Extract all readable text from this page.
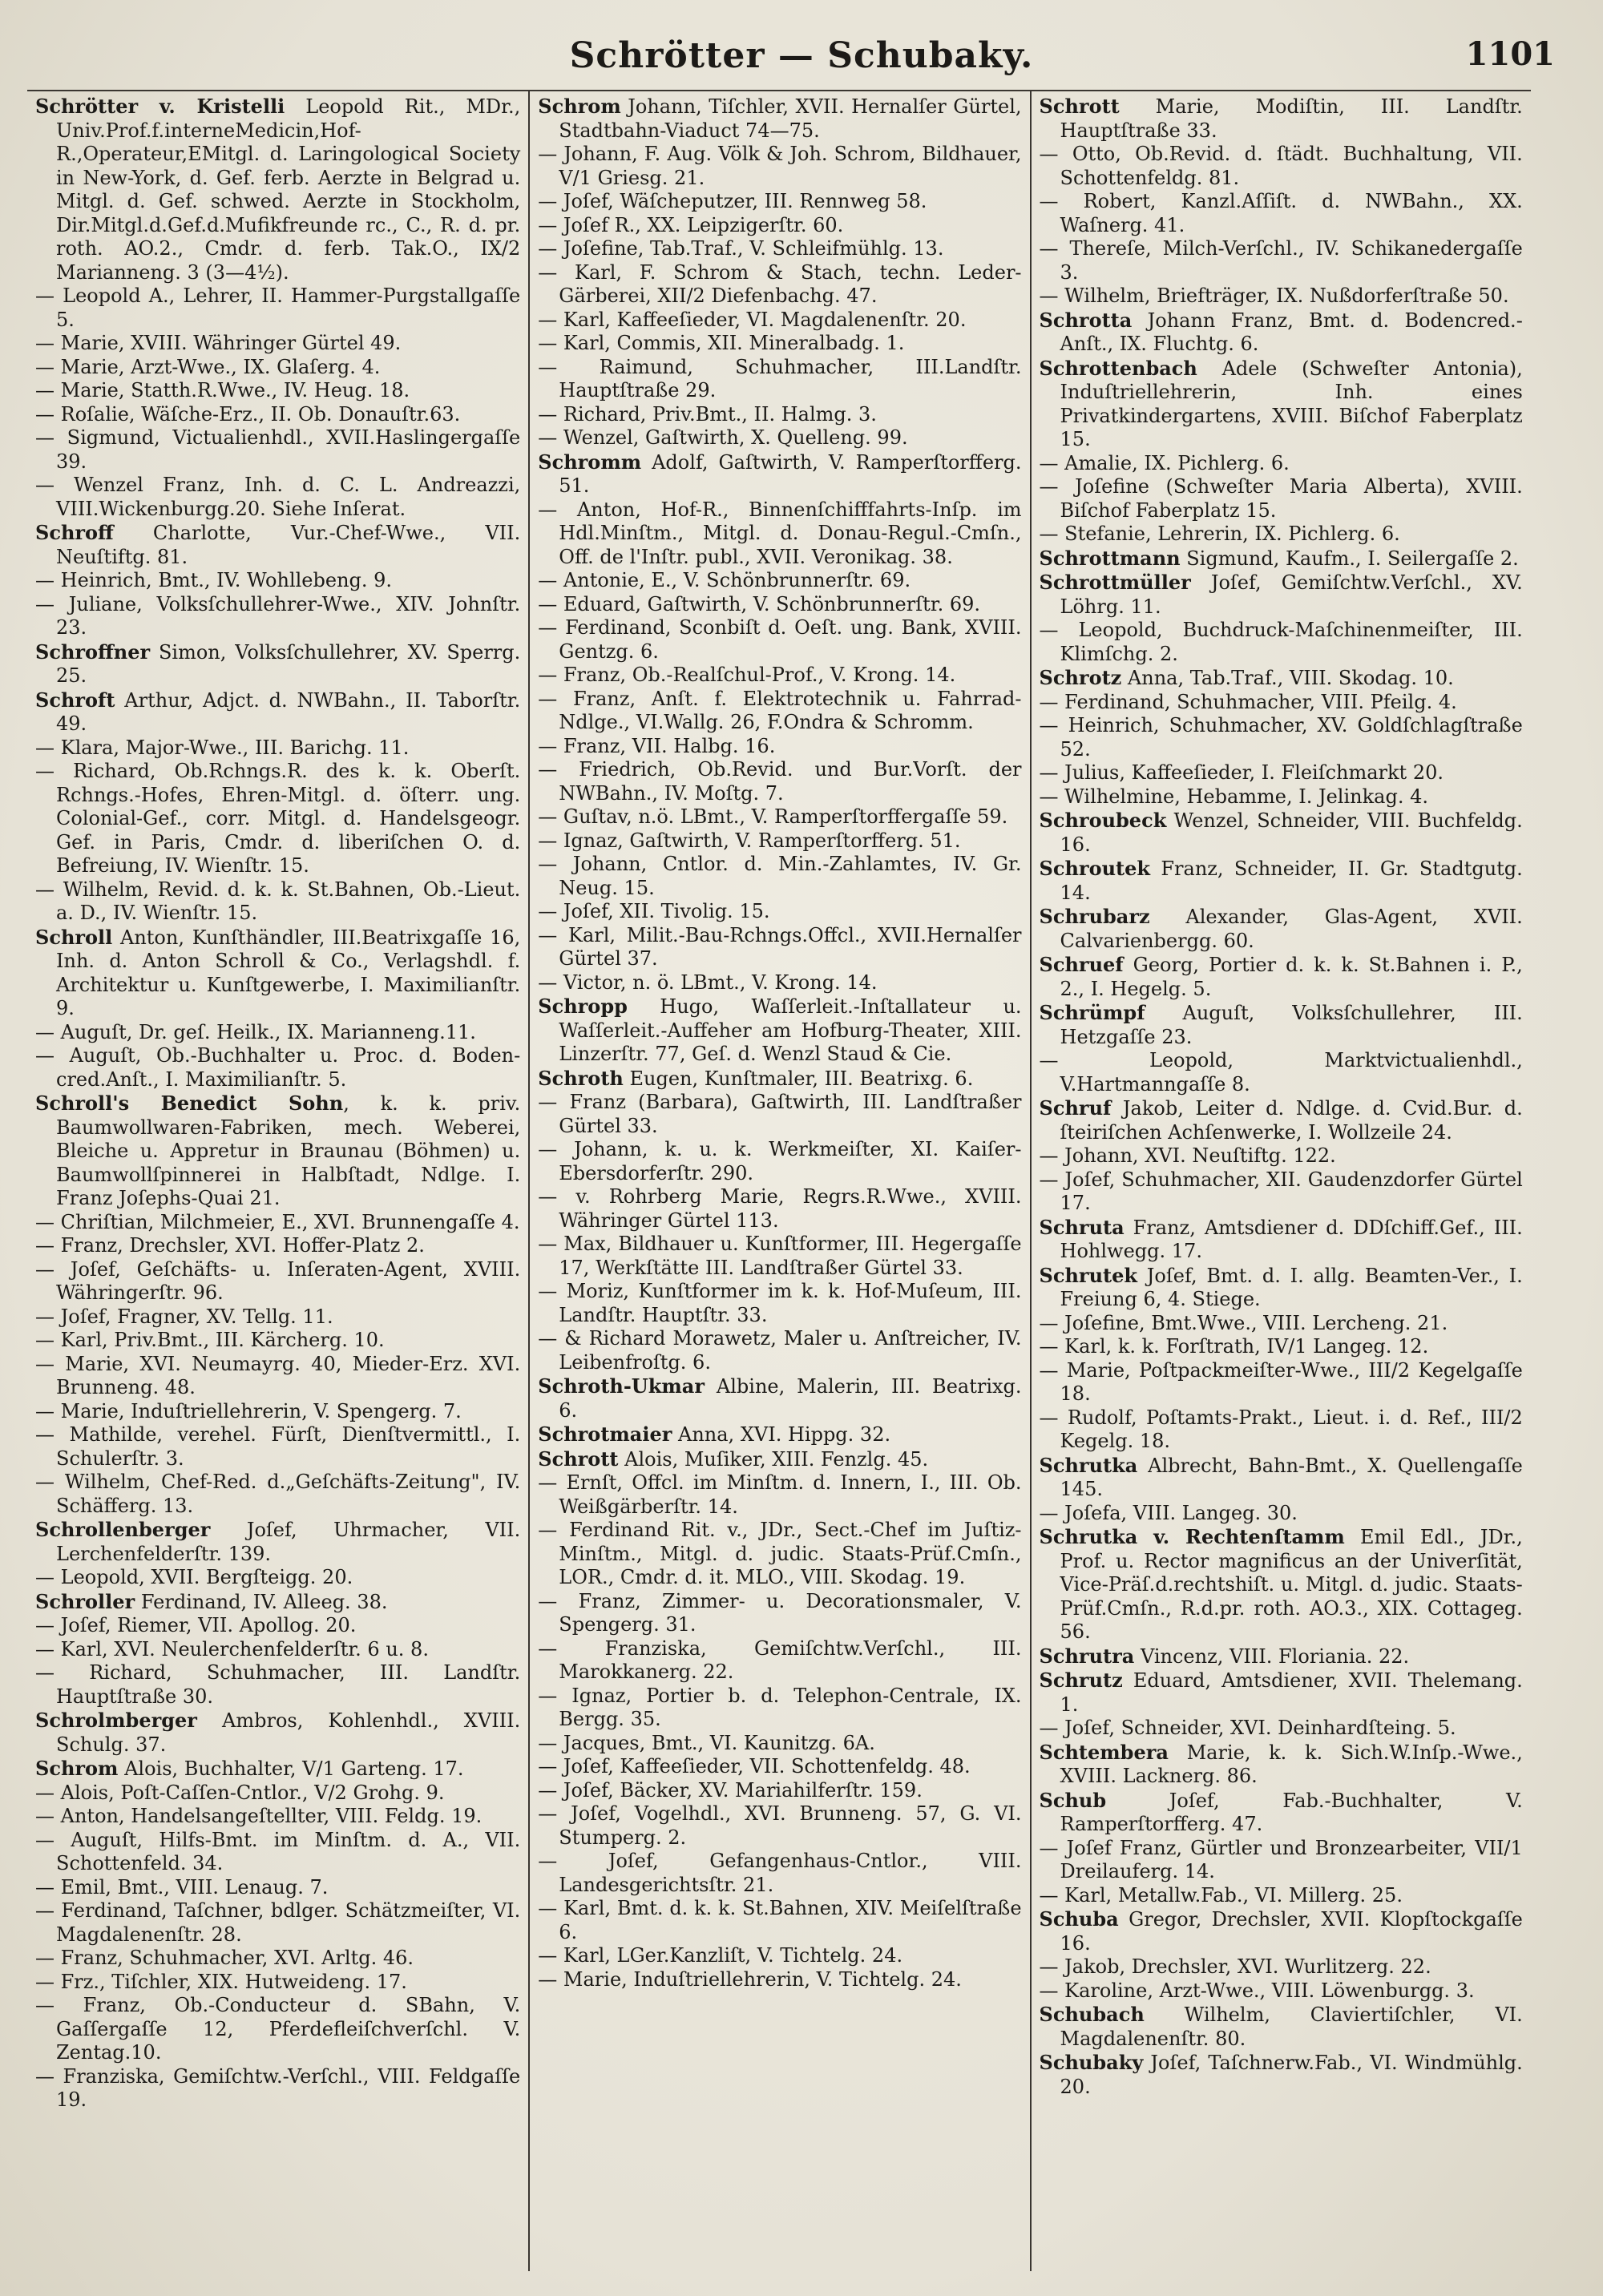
Schrötter — Schubaky.	1101

Schrötter v. Kristelli Leopold Rit., MDr., Univ.Prof.f.interneMedicin,Hof-R.,Operateur,EMitgl. d. Laringological Society in New-York, d. Gef. ferb. Aerzte in Belgrad u. Mitgl. d. Gef. schwed. Aerzte in Stockholm, Dir.Mitgl.d.Gef.d.Mufikfreunde rc., C., R. d. pr. roth. AO.2., Cmdr. d. ferb. Tak.O., IX/2 Marianneng. 3 (3—4½).

— Leopold A., Lehrer, II. Hammer-Purgstallgaſſe 5.

— Marie, XVIII. Währinger Gürtel 49.

— Marie, Arzt-Wwe., IX. Glaſerg. 4.

— Marie, Statth.R.Wwe., IV. Heug. 18.

— Roſalie, Wäſche-Erz., II. Ob. Donauſtr.63.

— Sigmund, Victualienhdl., XVII.Haslingergaſſe 39.

— Wenzel Franz, Inh. d. C. L. Andreazzi, VIII.Wickenburgg.20. Siehe Inſerat.

Schroff Charlotte, Vur.-Chef-Wwe., VII. Neuſtiftg. 81.

— Heinrich, Bmt., IV. Wohllebeng. 9.

— Juliane, Volksſchullehrer-Wwe., XIV. Johnſtr. 23.

Schroffner Simon, Volksſchullehrer, XV. Sperrg. 25.

Schroft Arthur, Adjct. d. NWBahn., II. Taborſtr. 49.

— Klara, Major-Wwe., III. Barichg. 11.

— Richard, Ob.Rchngs.R. des k. k. Oberſt. Rchngs.-Hofes, Ehren-Mitgl. d. öſterr. ung. Colonial-Gef., corr. Mitgl. d. Handelsgeogr. Gef. in Paris, Cmdr. d. liberiſchen O. d. Befreiung, IV. Wienſtr. 15.

— Wilhelm, Revid. d. k. k. St.Bahnen, Ob.-Lieut. a. D., IV. Wienſtr. 15.

Schroll Anton, Kunſthändler, III.Beatrixgaſſe 16, Inh. d. Anton Schroll & Co., Verlagshdl. f. Architektur u. Kunſtgewerbe, I. Maximilianſtr. 9.

— Auguſt, Dr. geſ. Heilk., IX. Marianneng.11.

— Auguſt, Ob.-Buchhalter u. Proc. d. Boden-cred.Anſt., I. Maximilianſtr. 5.

Schroll's Benedict Sohn, k. k. priv. Baumwollwaren-Fabriken, mech. Weberei, Bleiche u. Appretur in Braunau (Böhmen) u. Baumwollſpinnerei in Halbſtadt, Ndlge. I. Franz Joſephs-Quai 21.

— Chriſtian, Milchmeier, E., XVI. Brunnengaſſe 4.

— Franz, Drechsler, XVI. Hoffer-Platz 2.

— Joſef, Geſchäfts- u. Inſeraten-Agent, XVIII. Währingerſtr. 96.

— Joſef, Fragner, XV. Tellg. 11.

— Karl, Priv.Bmt., III. Kärcherg. 10.

— Marie, XVI. Neumayrg. 40, Mieder-Erz. XVI. Brunneng. 48.

— Marie, Induſtriellehrerin, V. Spengerg. 7.

— Mathilde, verehel. Fürſt, Dienſtvermittl., I. Schulerſtr. 3.

— Wilhelm, Chef-Red. d.„Geſchäfts-Zeitung", IV. Schäfferg. 13.

Schrollenberger Joſef, Uhrmacher, VII. Lerchenfelderſtr. 139.

— Leopold, XVII. Bergſteigg. 20.

Schroller Ferdinand, IV. Alleeg. 38.

— Joſef, Riemer, VII. Apollog. 20.

— Karl, XVI. Neulerchenfelderſtr. 6 u. 8.

— Richard, Schuhmacher, III. Landſtr. Hauptſtraße 30.

Schrolmberger Ambros, Kohlenhdl., XVIII. Schulg. 37.

Schrom Alois, Buchhalter, V/1 Garteng. 17.

— Alois, Poſt-Caſſen-Cntlor., V/2 Grohg. 9.

— Anton, Handelsangeſtellter, VIII. Feldg. 19.

— Auguſt, Hilfs-Bmt. im Minſtm. d. A., VII. Schottenfeld. 34.

— Emil, Bmt., VIII. Lenaug. 7.

— Ferdinand, Taſchner, bdlger. Schätzmeiſter, VI. Magdalenenſtr. 28.

— Franz, Schuhmacher, XVI. Arltg. 46.

— Frz., Tiſchler, XIX. Hutweideng. 17.

— Franz, Ob.-Conducteur d. SBahn, V. Gaſſergaſſe 12, Pferdefleiſchverſchl. V. Zentag.10.

— Franziska, Gemiſchtw.-Verſchl., VIII. Feldgaſſe 19.

Schrom Johann, Tiſchler, XVII. Hernalſer Gürtel, Stadtbahn-Viaduct 74—75.

— Johann, F. Aug. Völk & Joh. Schrom, Bildhauer, V/1 Griesg. 21.

— Joſef, Wäſcheputzer, III. Rennweg 58.

— Joſef R., XX. Leipzigerſtr. 60.

— Joſefine, Tab.Traf., V. Schleifmühlg. 13.

— Karl, F. Schrom & Stach, techn. Leder-Gärberei, XII/2 Diefenbachg. 47.

— Karl, Kaffeeſieder, VI. Magdalenenſtr. 20.

— Karl, Commis, XII. Mineralbadg. 1.

— Raimund, Schuhmacher, III.Landſtr. Hauptſtraße 29.

— Richard, Priv.Bmt., II. Halmg. 3.

— Wenzel, Gaſtwirth, X. Quelleng. 99.

Schromm Adolf, Gaſtwirth, V. Ramperſtorfferg. 51.

— Anton, Hof-R., Binnenſchifffahrts-Inſp. im Hdl.Minſtm., Mitgl. d. Donau-Regul.-Cmſn., Off. de l'Inſtr. publ., XVII. Veronikag. 38.

— Antonie, E., V. Schönbrunnerſtr. 69.

— Eduard, Gaſtwirth, V. Schönbrunnerſtr. 69.

— Ferdinand, Sconbiſt d. Oeſt. ung. Bank, XVIII. Gentzg. 6.

— Franz, Ob.-Realſchul-Prof., V. Krong. 14.

— Franz, Anſt. f. Elektrotechnik u. Fahrrad-Ndlge., VI.Wallg. 26, F.Ondra & Schromm.

— Franz, VII. Halbg. 16.

— Friedrich, Ob.Revid. und Bur.Vorſt. der NWBahn., IV. Moſtg. 7.

— Guſtav, n.ö. LBmt., V. Ramperſtorffergaſſe 59.

— Ignaz, Gaſtwirth, V. Ramperſtorfferg. 51.

— Johann, Cntlor. d. Min.-Zahlamtes, IV. Gr. Neug. 15.

— Joſef, XII. Tivolig. 15.

— Karl, Milit.-Bau-Rchngs.Offcl., XVII.Hernalſer Gürtel 37.

— Victor, n. ö. LBmt., V. Krong. 14.

Schropp Hugo, Waſſerleit.-Inſtallateur u. Waſſerleit.-Auffeher am Hofburg-Theater, XIII. Linzerſtr. 77, Geſ. d. Wenzl Staud & Cie.

Schroth Eugen, Kunſtmaler, III. Beatrixg. 6.

— Franz (Barbara), Gaſtwirth, III. Landſtraßer Gürtel 33.

— Johann, k. u. k. Werkmeiſter, XI. Kaiſer-Ebersdorferſtr. 290.

— v. Rohrberg Marie, Regrs.R.Wwe., XVIII. Währinger Gürtel 113.

— Max, Bildhauer u. Kunſtformer, III. Hegergaſſe 17, Werkſtätte III. Landſtraßer Gürtel 33.

— Moriz, Kunſtformer im k. k. Hof-Muſeum, III. Landſtr. Hauptſtr. 33.

— & Richard Morawetz, Maler u. Anſtreicher, IV. Leibenfroſtg. 6.

Schroth-Ukmar Albine, Malerin, III. Beatrixg. 6.

Schrotmaier Anna, XVI. Hippg. 32.

Schrott Alois, Muſiker, XIII. Fenzlg. 45.

— Ernſt, Offcl. im Minſtm. d. Innern, I., III. Ob. Weißgärberſtr. 14.

— Ferdinand Rit. v., JDr., Sect.-Chef im Juſtiz-Minſtm., Mitgl. d. judic. Staats-Prüf.Cmſn., LOR., Cmdr. d. it. MLO., VIII. Skodag. 19.

— Franz, Zimmer- u. Decorationsmaler, V. Spengerg. 31.

— Franziska, Gemiſchtw.Verſchl., III. Marokkanerg. 22.

— Ignaz, Portier b. d. Telephon-Centrale, IX. Bergg. 35.

— Jacques, Bmt., VI. Kaunitzg. 6A.

— Joſef, Kaffeeſieder, VII. Schottenfeldg. 48.

— Joſef, Bäcker, XV. Mariahilferſtr. 159.

— Joſef, Vogelhdl., XVI. Brunneng. 57, G. VI. Stumperg. 2.

— Joſef, Gefangenhaus-Cntlor., VIII. Landesgerichtsſtr. 21.

— Karl, Bmt. d. k. k. St.Bahnen, XIV. Meiſelſtraße 6.

— Karl, LGer.Kanzliſt, V. Tichtelg. 24.

— Marie, Induſtriellehrerin, V. Tichtelg. 24.

Schrott Marie, Modiſtin, III. Landſtr. Hauptſtraße 33.

— Otto, Ob.Revid. d. ſtädt. Buchhaltung, VII. Schottenfeldg. 81.

— Robert, Kanzl.Aſſiſt. d. NWBahn., XX. Waſnerg. 41.

— Thereſe, Milch-Verſchl., IV. Schikanedergaſſe 3.

— Wilhelm, Briefträger, IX. Nußdorferſtraße 50.

Schrotta Johann Franz, Bmt. d. Bodencred.-Anſt., IX. Fluchtg. 6.

Schrottenbach Adele (Schweſter Antonia), Induſtriellehrerin, Inh. eines Privatkindergartens, XVIII. Biſchof Faberplatz 15.

— Amalie, IX. Pichlerg. 6.

— Joſefine (Schweſter Maria Alberta), XVIII. Biſchof Faberplatz 15.

— Stefanie, Lehrerin, IX. Pichlerg. 6.

Schrottmann Sigmund, Kaufm., I. Seilergaſſe 2.

Schrottmüller Joſef, Gemiſchtw.Verſchl., XV. Löhrg. 11.

— Leopold, Buchdruck-Maſchinenmeiſter, III. Klimſchg. 2.

Schrotz Anna, Tab.Traf., VIII. Skodag. 10.

— Ferdinand, Schuhmacher, VIII. Pfeilg. 4.

— Heinrich, Schuhmacher, XV. Goldſchlagſtraße 52.

— Julius, Kaffeeſieder, I. Fleiſchmarkt 20.

— Wilhelmine, Hebamme, I. Jelinkag. 4.

Schroubeck Wenzel, Schneider, VIII. Buchfeldg. 16.

Schroutek Franz, Schneider, II. Gr. Stadtgutg. 14.

Schrubarz Alexander, Glas-Agent, XVII. Calvarienbergg. 60.

Schruef Georg, Portier d. k. k. St.Bahnen i. P., 2., I. Hegelg. 5.

Schrümpf Auguſt, Volksſchullehrer, III. Hetzgaſſe 23.

— Leopold, Marktvictualienhdl., V.Hartmanngaſſe 8.

Schruf Jakob, Leiter d. Ndlge. d. Cvid.Bur. d. ſteiriſchen Achſenwerke, I. Wollzeile 24.

— Johann, XVI. Neuſtiftg. 122.

— Joſef, Schuhmacher, XII. Gaudenzdorfer Gürtel 17.

Schruta Franz, Amtsdiener d. DDſchiff.Gef., III. Hohlwegg. 17.

Schrutek Joſef, Bmt. d. I. allg. Beamten-Ver., I. Freiung 6, 4. Stiege.

— Joſefine, Bmt.Wwe., VIII. Lercheng. 21.

— Karl, k. k. Forſtrath, IV/1 Langeg. 12.

— Marie, Poſtpackmeiſter-Wwe., III/2 Kegelgaſſe 18.

— Rudolf, Poſtamts-Prakt., Lieut. i. d. Ref., III/2 Kegelg. 18.

Schrutka Albrecht, Bahn-Bmt., X. Quellengaſſe 145.

— Joſefa, VIII. Langeg. 30.

Schrutka v. Rechtenſtamm Emil Edl., JDr., Prof. u. Rector magnificus an der Univerſität, Vice-Präſ.d.rechtshiſt. u. Mitgl. d. judic. Staats-Prüf.Cmſn., R.d.pr. roth. AO.3., XIX. Cottageg. 56.

Schrutra Vincenz, VIII. Floriania. 22.

Schrutz Eduard, Amtsdiener, XVII. Thelemang. 1.

— Joſef, Schneider, XVI. Deinhardſteing. 5.

Schtembera Marie, k. k. Sich.W.Inſp.-Wwe., XVIII. Lacknerg. 86.

Schub Joſef, Fab.-Buchhalter, V. Ramperſtorfferg. 47.

— Joſef Franz, Gürtler und Bronzearbeiter, VII/1 Dreilauferg. 14.

— Karl, Metallw.Fab., VI. Millerg. 25.

Schuba Gregor, Drechsler, XVII. Klopſtockgaſſe 16.

— Jakob, Drechsler, XVI. Wurlitzerg. 22.

— Karoline, Arzt-Wwe., VIII. Löwenburgg. 3.

Schubach Wilhelm, Claviertiſchler, VI. Magdalenenſtr. 80.

Schubaky Joſef, Taſchnerw.Fab., VI. Windmühlg. 20.
